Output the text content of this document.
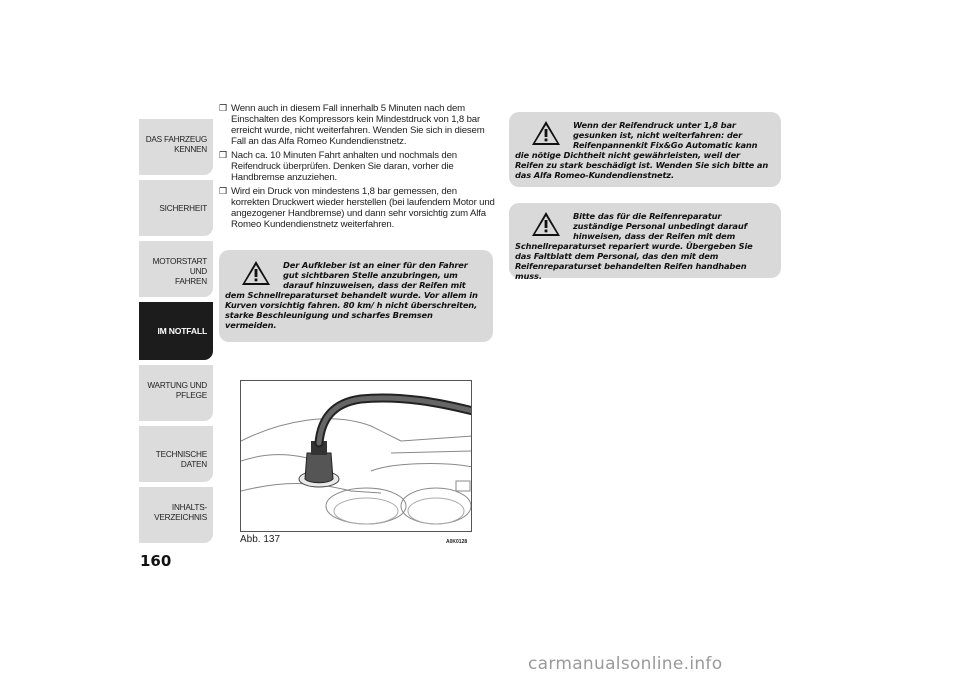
DAS FAHRZEUG
KENNEN
SICHERHEIT
MOTORSTART UND
FAHREN
IM NOTFALL
WARTUNG UND
PFLEGE
TECHNISCHE DATEN
INHALTS-
VERZEICHNIS
160
❒ Wenn auch in diesem Fall innerhalb 5 Minuten nach dem Einschalten des Kompressors kein Mindestdruck von 1,8 bar erreicht wurde, nicht weiterfahren. Wenden Sie sich in diesem Fall an das Alfa Romeo Kundendienstnetz.
❒ Nach ca. 10 Minuten Fahrt anhalten und nochmals den Reifendruck überprüfen. Denken Sie daran, vorher die Handbremse anzuziehen.
❒ Wird ein Druck von mindestens 1,8 bar gemessen, den korrekten Druckwert wieder herstellen (bei laufendem Motor und angezogener Handbremse) und dann sehr vorsichtig zum Alfa Romeo Kundendienstnetz weiterfahren.

Der Aufkleber ist an einer für den Fahrer gut sichtbaren Stelle anzubringen, um darauf hinzuweisen, dass der Reifen mit dem Schnellreparaturset behandelt wurde. Vor allem in Kurven vorsichtig fahren. 80 km/ h nicht überschreiten, starke Beschleunigung und scharfes Bremsen vermeiden.

Wenn der Reifendruck unter 1,8 bar gesunken ist, nicht weiterfahren: der Reifenpannenkit Fix&Go Automatic kann die nötige Dichtheit nicht gewährleisten, weil der Reifen zu stark beschädigt ist. Wenden Sie sich bitte an das Alfa Romeo-Kundendienstnetz.

Bitte das für die Reifenreparatur zuständige Personal unbedingt darauf hinweisen, dass der Reifen mit dem Schnellreparaturset repariert wurde. Übergeben Sie das Faltblatt dem Personal, das den mit dem Reifenreparaturset behandelten Reifen handhaben muss.

Abb. 137	A0K0128
carmanualsonline.info
